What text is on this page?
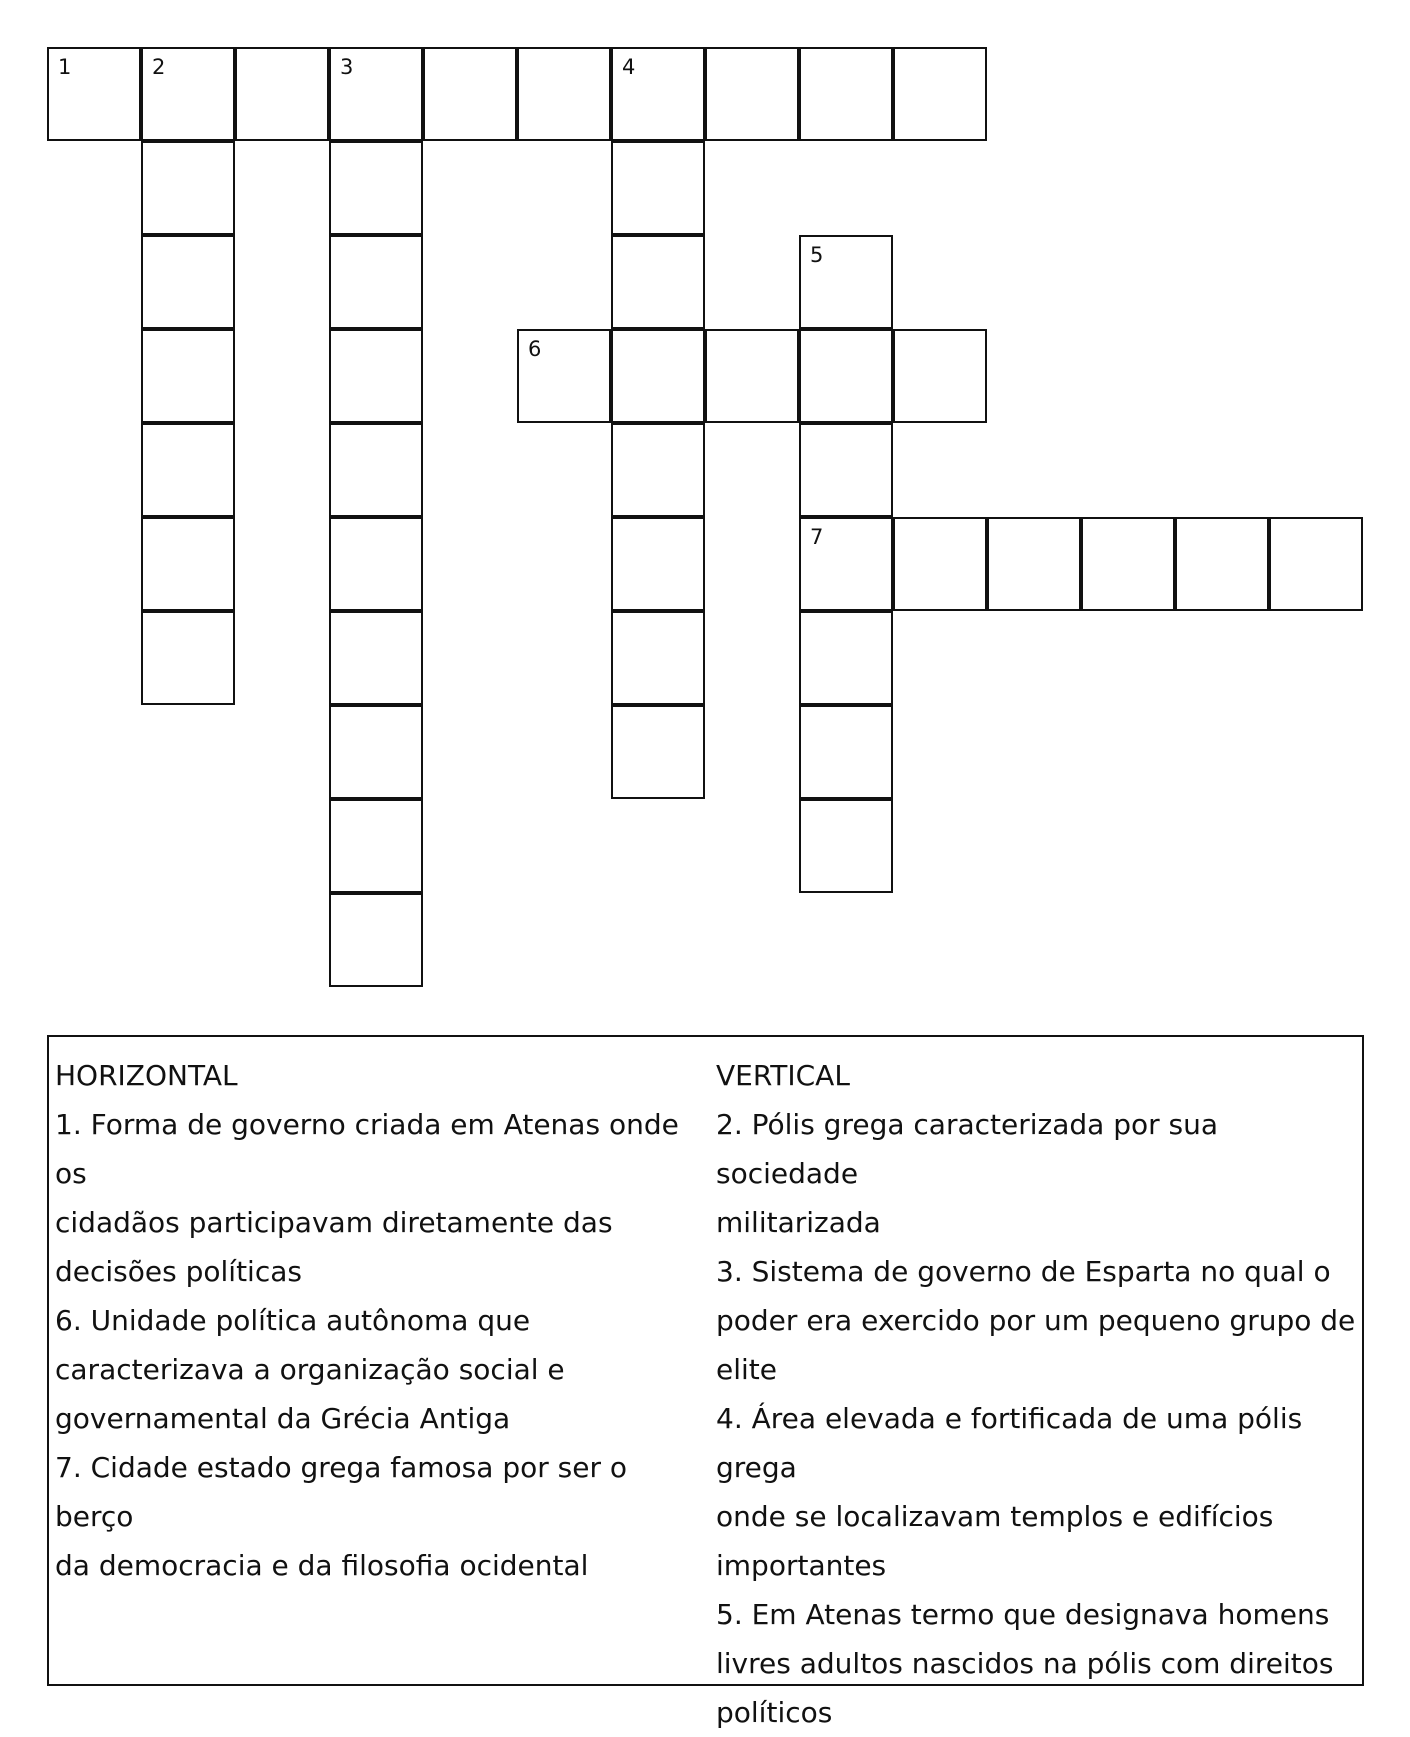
1	2	3	4
5
7
6
HORIZONTAL
1. Forma de governo criada em Atenas onde os
cidadãos participavam diretamente das
decisões políticas
6. Unidade política autônoma que
caracterizava a organização social e
governamental da Grécia Antiga
7. Cidade estado grega famosa por ser o berço
da democracia e da filosofia ocidental
VERTICAL
2. Pólis grega caracterizada por sua sociedade
militarizada
3. Sistema de governo de Esparta no qual o
poder era exercido por um pequeno grupo de
elite
4. Área elevada e fortificada de uma pólis grega
onde se localizavam templos e edifícios
importantes
5. Em Atenas termo que designava homens
livres adultos nascidos na pólis com direitos
políticos
